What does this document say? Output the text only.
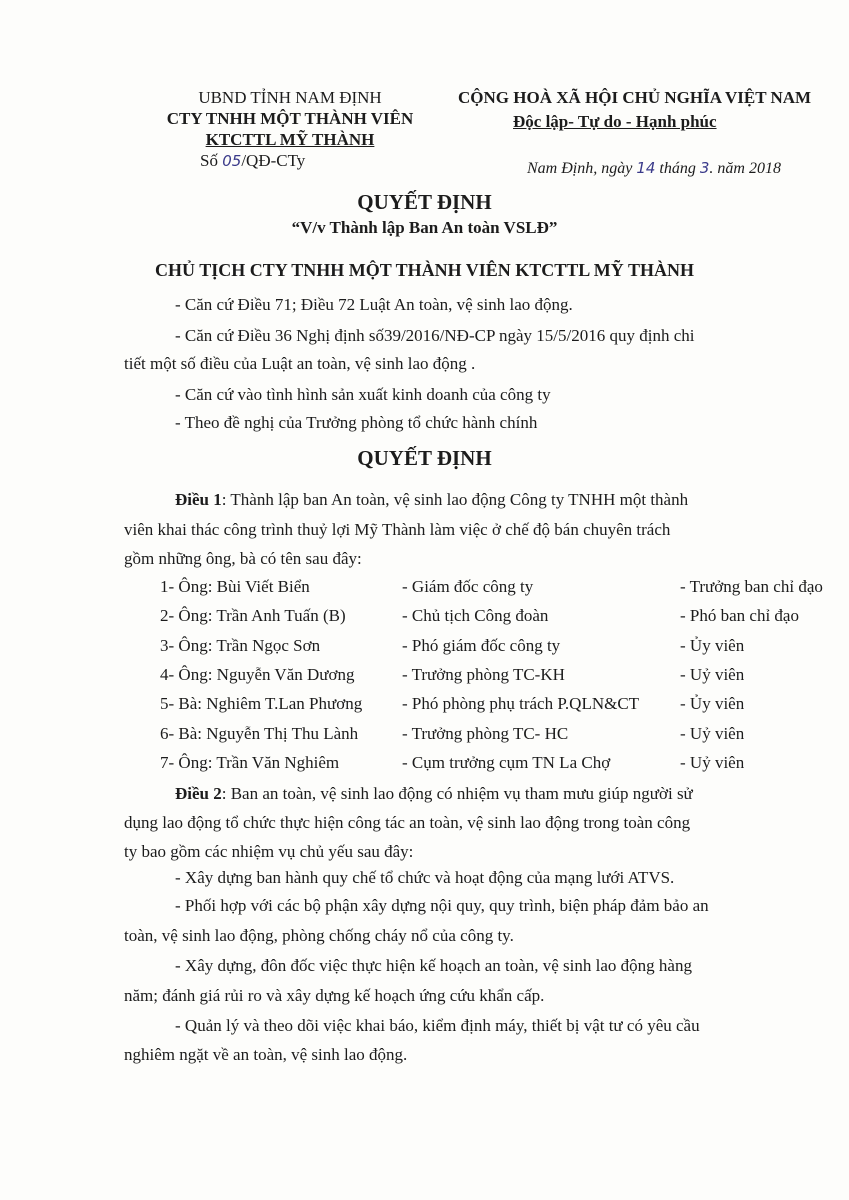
UBND TỈNH NAM ĐỊNH
CTY TNHH MỘT THÀNH VIÊN
KTCTTL MỸ THÀNH
Số 05/QĐ-CTy
CỘNG HOÀ XÃ HỘI CHỦ NGHĨA VIỆT NAM
Độc lập- Tự do - Hạnh phúc
Nam Định, ngày 14 tháng 3. năm 2018
QUYẾT ĐỊNH
“V/v Thành lập Ban An toàn VSLĐ”
CHỦ TỊCH CTY TNHH MỘT THÀNH VIÊN KTCTTL MỸ THÀNH
- Căn cứ Điều 71; Điều 72 Luật An toàn, vệ sinh lao động.
- Căn cứ Điều 36 Nghị định số39/2016/NĐ-CP ngày 15/5/2016 quy định chi
tiết một số điều của Luật an toàn, vệ sinh lao động .
- Căn cứ vào tình hình sản xuất kinh doanh của công ty
- Theo đề nghị của Trưởng phòng tổ chức hành chính
QUYẾT ĐỊNH
Điều 1: Thành lập ban An toàn, vệ sinh lao động Công ty TNHH một thành
viên khai thác công trình thuỷ lợi Mỹ Thành làm việc ở chế độ bán chuyên trách
gồm những ông, bà có tên sau đây:
1- Ông: Bùi Viết Biển	- Giám đốc công ty	- Trưởng ban chỉ đạo
2- Ông: Trần Anh Tuấn (B)	- Chủ tịch Công đoàn	- Phó ban chỉ đạo
3- Ông: Trần Ngọc Sơn	- Phó giám đốc công ty	- Ủy viên
4- Ông: Nguyễn Văn Dương	- Trưởng phòng TC-KH	- Uỷ viên
5- Bà: Nghiêm T.Lan Phương - Phó phòng phụ trách P.QLN&CT - Ủy viên
6- Bà: Nguyễn Thị Thu Lành	- Trưởng phòng TC- HC	- Uỷ viên
7- Ông: Trần Văn Nghiêm	- Cụm trưởng cụm TN La Chợ	- Uỷ viên
Điều 2: Ban an toàn, vệ sinh lao động có nhiệm vụ tham mưu giúp người sử
dụng lao động tổ chức thực hiện công tác an toàn, vệ sinh lao động trong toàn công
ty bao gồm các nhiệm vụ chủ yếu sau đây:
- Xây dựng ban hành quy chế tổ chức và hoạt động của mạng lưới ATVS.
- Phối hợp với các bộ phận xây dựng nội quy, quy trình, biện pháp đảm bảo an
toàn, vệ sinh lao động, phòng chống cháy nổ của công ty.
- Xây dựng, đôn đốc việc thực hiện kế hoạch an toàn, vệ sinh lao động hàng
năm; đánh giá rủi ro và xây dựng kế hoạch ứng cứu khẩn cấp.
- Quản lý và theo dõi việc khai báo, kiểm định máy, thiết bị vật tư có yêu cầu
nghiêm ngặt về an toàn, vệ sinh lao động.
